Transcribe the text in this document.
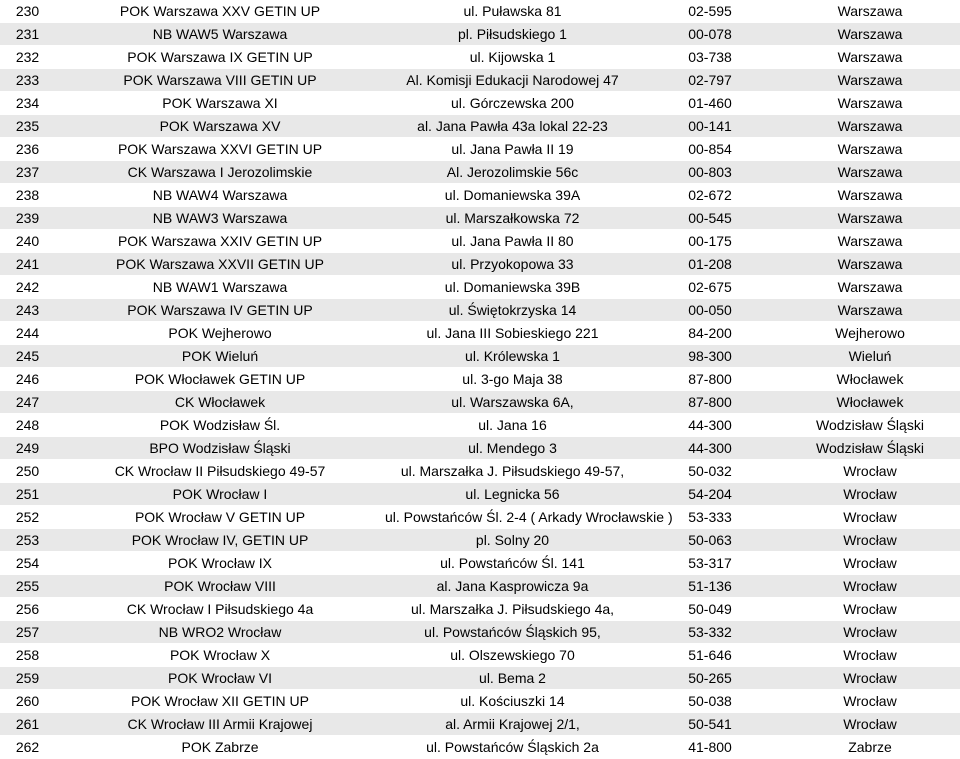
230	POK Warszawa XXV GETIN UP	ul. Puławska 81	02-595	Warszawa
231	NB WAW5 Warszawa	pl. Piłsudskiego 1	00-078	Warszawa
232	POK Warszawa IX GETIN UP	ul. Kijowska 1	03-738	Warszawa
233	POK Warszawa VIII GETIN UP	Al. Komisji Edukacji Narodowej 47	02-797	Warszawa
234	POK Warszawa XI	ul. Górczewska 200	01-460	Warszawa
235	POK Warszawa XV	al. Jana Pawła 43a lokal 22-23	00-141	Warszawa
236	POK Warszawa XXVI GETIN UP	ul. Jana Pawła II 19	00-854	Warszawa
237	CK Warszawa I Jerozolimskie	Al. Jerozolimskie 56c	00-803	Warszawa
238	NB WAW4 Warszawa	ul. Domaniewska 39A	02-672	Warszawa
239	NB WAW3 Warszawa	ul. Marszałkowska 72	00-545	Warszawa
240	POK Warszawa XXIV GETIN UP	ul. Jana Pawła II 80	00-175	Warszawa
241	POK Warszawa XXVII GETIN UP	ul. Przyokopowa 33	01-208	Warszawa
242	NB WAW1 Warszawa	ul. Domaniewska 39B	02-675	Warszawa
243	POK Warszawa IV GETIN UP	ul. Świętokrzyska 14	00-050	Warszawa
244	POK Wejherowo	ul. Jana III Sobieskiego 221	84-200	Wejherowo
245	POK Wieluń	ul. Królewska 1	98-300	Wieluń
246	POK Włocławek GETIN UP	ul. 3-go Maja 38	87-800	Włocławek
247	CK Włocławek	ul. Warszawska 6A,	87-800	Włocławek
248	POK Wodzisław Śl.	ul. Jana 16	44-300	Wodzisław Śląski
249	BPO Wodzisław Śląski	ul. Mendego 3	44-300	Wodzisław Śląski
250	CK Wrocław II Piłsudskiego 49-57	ul. Marszałka J. Piłsudskiego 49-57,	50-032	Wrocław
251	POK Wrocław I	ul. Legnicka 56	54-204	Wrocław
252	POK Wrocław V GETIN UP	ul. Powstańców Śl. 2-4 ( Arkady Wrocławskie )	53-333	Wrocław
253	POK Wrocław IV, GETIN UP	pl. Solny 20	50-063	Wrocław
254	POK Wrocław IX	ul. Powstańców Śl. 141	53-317	Wrocław
255	POK Wrocław VIII	al. Jana Kasprowicza 9a	51-136	Wrocław
256	CK Wrocław I Piłsudskiego 4a	ul. Marszałka J. Piłsudskiego 4a,	50-049	Wrocław
257	NB WRO2 Wrocław	ul. Powstańców Śląskich 95,	53-332	Wrocław
258	POK Wrocław X	ul. Olszewskiego 70	51-646	Wrocław
259	POK Wrocław VI	ul. Bema 2	50-265	Wrocław
260	POK Wrocław XII GETIN UP	ul. Kościuszki 14	50-038	Wrocław
261	CK Wrocław III Armii Krajowej	al. Armii Krajowej 2/1,	50-541	Wrocław
262	POK Zabrze	ul. Powstańców Śląskich 2a	41-800	Zabrze
